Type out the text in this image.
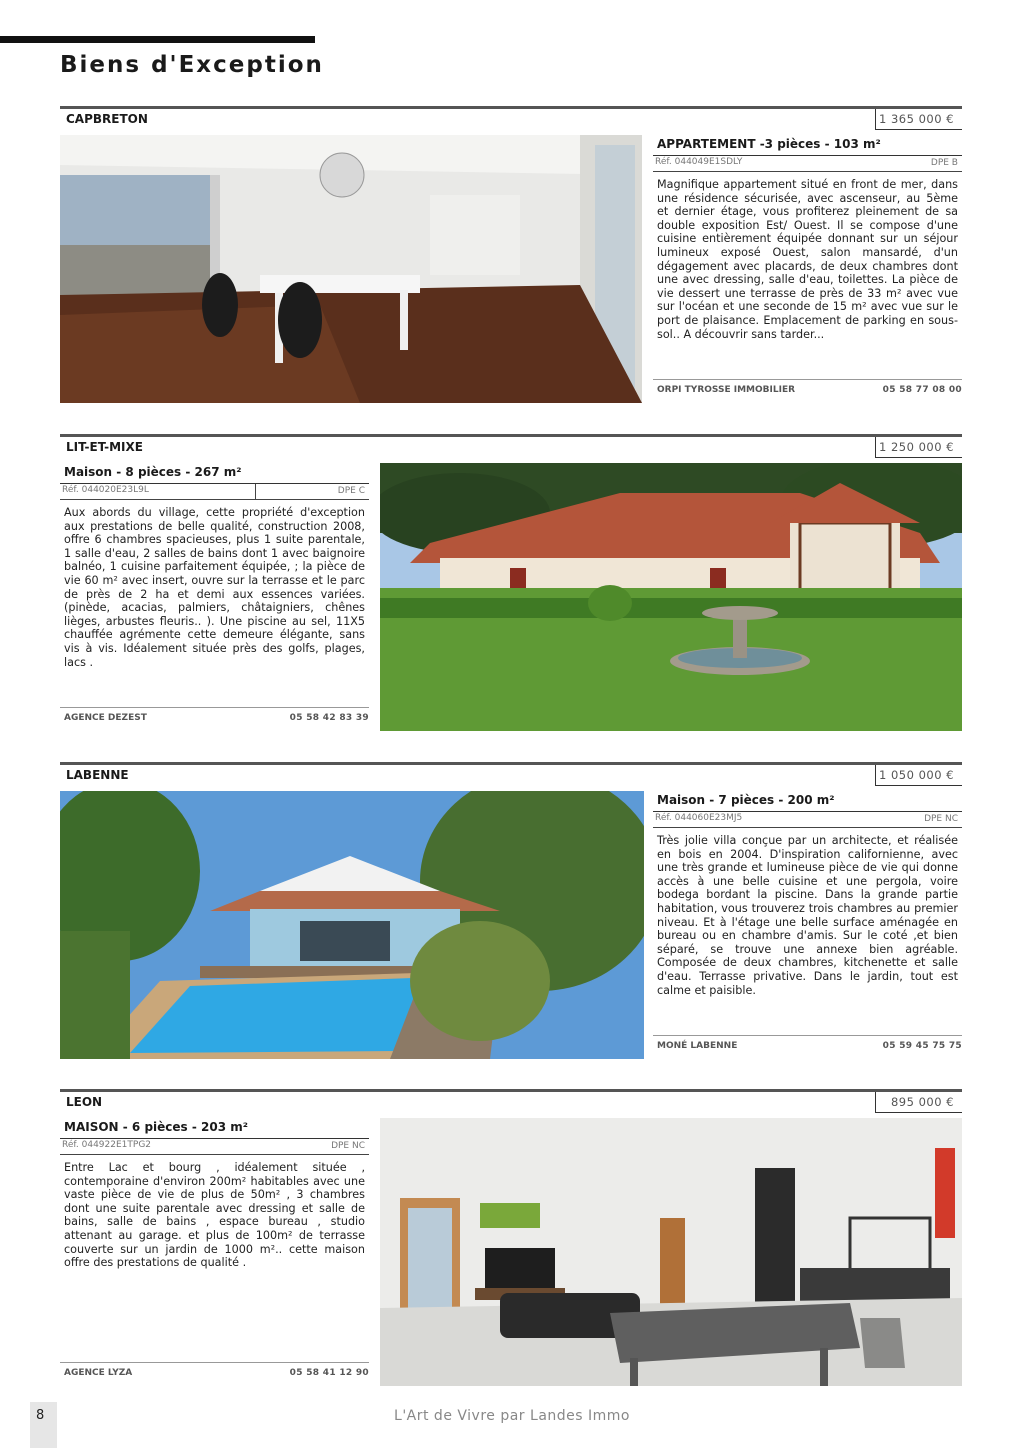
Biens d'Exception
CAPBRETON	1 365 000 €
APPARTEMENT -3 pièces - 103 m²
Réf. 044049E1SDLY	DPE B
Magnifique appartement situé en front de mer, dans une résidence sécurisée, avec ascenseur, au 5ème et dernier étage, vous profiterez pleinement de sa double exposition Est/ Ouest. Il se compose d'une cuisine entièrement équipée donnant sur un séjour lumineux exposé Ouest, salon mansardé, d'un dégagement avec placards, de deux chambres dont une avec dressing, salle d'eau, toilettes. La pièce de vie dessert une terrasse de près de 33 m² avec vue sur l'océan et une seconde de 15 m² avec vue sur le port de plaisance. Emplacement de parking en sous-sol.. A découvrir sans tarder...
ORPI TYROSSE IMMOBILIER	05 58 77 08 00
LIT-ET-MIXE	1 250 000 €
Maison - 8 pièces - 267 m²
Réf. 044020E23L9L	DPE C
Aux abords du village, cette propriété d'exception aux prestations de belle qualité, construction 2008, offre 6 chambres spacieuses, plus 1 suite parentale, 1 salle d'eau, 2 salles de bains dont 1 avec baignoire balnéo, 1 cuisine parfaitement équipée, ; la pièce de vie 60 m² avec insert, ouvre sur la terrasse et le parc de près de 2 ha et demi aux essences variées. (pinède, acacias, palmiers, châtaigniers, chênes lièges, arbustes fleuris.. ). Une piscine au sel, 11X5 chauffée agrémente cette demeure élégante, sans vis à vis. Idéalement située près des golfs, plages, lacs .
AGENCE DEZEST	05 58 42 83 39
LABENNE	1 050 000 €
Maison - 7 pièces - 200 m²
Réf. 044060E23MJ5	DPE NC
Très jolie villa conçue par un architecte, et réalisée en bois en 2004. D'inspiration californienne, avec une très grande et lumineuse pièce de vie qui donne accès à une belle cuisine et une pergola, voire bodega bordant la piscine. Dans la grande partie habitation, vous trouverez trois chambres au premier niveau. Et à l'étage une belle surface aménagée en bureau ou en chambre d'amis. Sur le coté ,et bien séparé, se trouve une annexe bien agréable. Composée de deux chambres, kitchenette et salle d'eau. Terrasse privative. Dans le jardin, tout est calme et paisible.
MONÉ LABENNE	05 59 45 75 75
LEON	895 000 €
MAISON - 6 pièces - 203 m²
Réf. 044922E1TPG2	DPE NC
Entre Lac et bourg , idéalement située , contemporaine d'environ 200m² habitables avec une vaste pièce de vie de plus de 50m² , 3 chambres dont une suite parentale avec dressing et salle de bains, salle de bains , espace bureau , studio attenant au garage. et plus de 100m² de terrasse couverte sur un jardin de 1000 m².. cette maison offre des prestations de qualité .
AGENCE LYZA	05 58 41 12 90
8	L'Art de Vivre par Landes Immo
